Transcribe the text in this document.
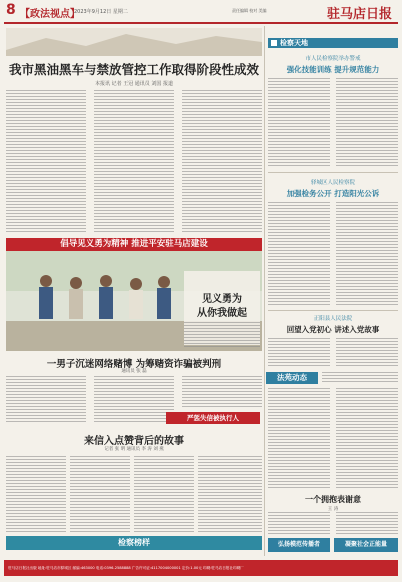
8 【政法视点】
2023年9月12日 星期二	责任编辑 校对 美编	驻马店日报
我市黑油黑车与禁放管控工作取得阶段性成效
本报讯 记者 王冠 通讯员 刘国 报道
倡导见义勇为精神 推进平安驻马店建设
见义勇为
从你我做起
一男子沉迷网络赌博 为筹赌资诈骗被判刑
通讯员 张 磊
严惩失信被执行人
来信入点赞背后的故事
记者 张 明 通讯员 李 涛 刘 燕
检察榜样
检察天地
市人民检察院举办警戒
强化技能训练 提升规范能力
驿城区人民检察院
加强检务公开 打造阳光公诉
正阳县人民法院
回望入党初心 讲述入党故事
法苑动态
一个拥抱表谢意
王 涛
弘扬模范传播者	凝聚社会正能量
驻马店日报社出版 地址:驻马店市驿城区 邮编:463000 电话:0396-2588888 广告许可证:4117004000001 定价:1.00元 印刷:驻马店日报社印刷厂
